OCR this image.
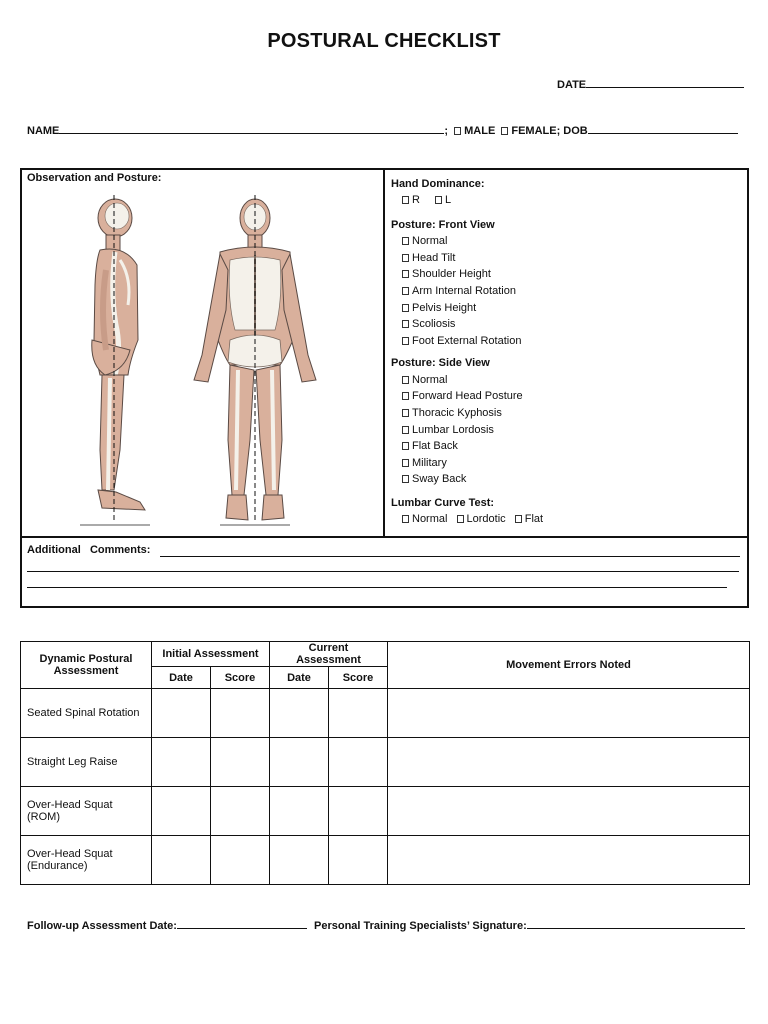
POSTURAL CHECKLIST
DATE
NAME	; MALE FEMALE; DOB
Observation and Posture:	Hand Dominance:
R L
Posture: Front View
Normal
Head Tilt
Shoulder Height
Arm Internal Rotation
Pelvis Height
Scoliosis
Foot External Rotation
Posture: Side View
Normal
Forward Head Posture
Thoracic Kyphosis
Lumbar Lordosis
Flat Back
Military
Sway Back
Lumbar Curve Test:
Normal Lordotic Flat
Additional   Comments:
Dynamic Postural Assessment	Initial Assessment		Current Assessment		Movement Errors Noted
	Date	Score	Date	Score	
Seated Spinal Rotation					
Straight Leg Raise					
Over-Head Squat
(ROM)					
Over-Head Squat
(Endurance)					
Follow-up Assessment Date:	Personal Training Specialists’ Signature:
